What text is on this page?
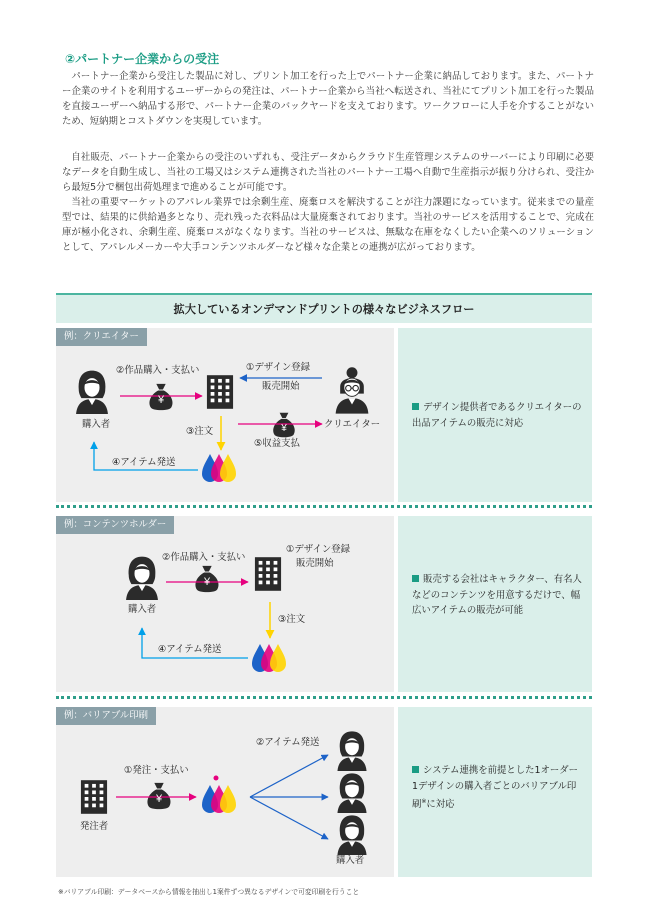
②パートナー企業からの受注
パートナー企業から受注した製品に対し、プリント加工を行った上でパートナー企業に納品しております。また、パートナー企業のサイトを利用するユーザーからの発注は、パートナー企業から当社へ転送され、当社にてプリント加工を行った製品を直接ユーザーへ納品する形で、パートナー企業のバックヤードを支えております。ワークフローに人手を介することがないため、短納期とコストダウンを実現しています。
自社販売、パートナー企業からの受注のいずれも、受注データからクラウド生産管理システムのサーバーにより印刷に必要なデータを自動生成し、当社の工場又はシステム連携された当社のパートナー工場へ自動で生産指示が振り分けられ、受注から最短5分で梱包出荷処理まで進めることが可能です。
当社の重要マーケットのアパレル業界では余剰生産、廃棄ロスを解決することが注力課題になっています。従来までの量産型では、結果的に供給過多となり、売れ残った衣料品は大量廃棄されております。当社のサービスを活用することで、完成在庫が極小化され、余剰生産、廃棄ロスがなくなります。当社のサービスは、無駄な在庫をなくしたい企業へのソリューションとして、アパレルメーカーや大手コンテンツホルダーなど様々な企業との連携が広がっております。
拡大しているオンデマンドプリントの様々なビジネスフロー
例：クリエイター
¥
¥
購入者	クリエイター
②作品購入・支払い	①デザイン登録
販売開始
③注文
⑤収益支払
④アイテム発送
デザイン提供者であるクリエイターの出品アイテムの販売に対応
例：コンテンツホルダー
¥
購入者
②作品購入・支払い
①デザイン登録
販売開始
③注文
④アイテム発送
販売する会社はキャラクター、有名人などのコンテンツを用意するだけで、幅広いアイテムの販売が可能
例：バリアブル印刷
¥
発注者
購入者
①発注・支払い
②アイテム発送
システム連携を前提とした1オーダー1デザインの購入者ごとのバリアブル印刷※に対応
※バリアブル印刷：データベースから情報を抽出し1案件ずつ異なるデザインで可変印刷を行うこと
